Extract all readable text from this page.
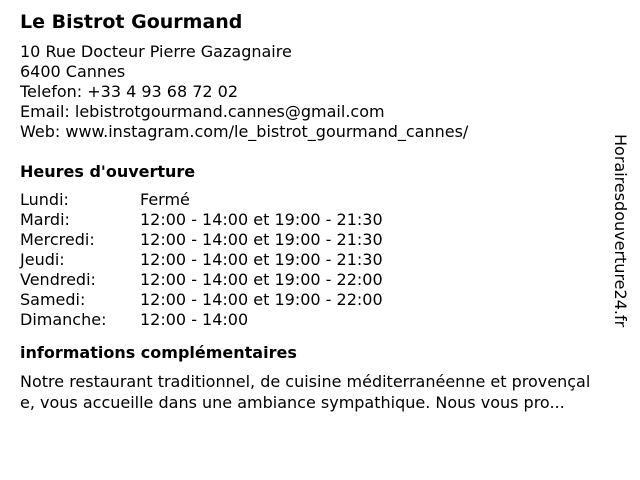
Le Bistrot Gourmand
10 Rue Docteur Pierre Gazagnaire
6400 Cannes
Telefon: +33 4 93 68 72 02
Email: lebistrotgourmand.cannes@gmail.com
Web: www.instagram.com/le_bistrot_gourmand_cannes/
Heures d'ouverture
Lundi:	Fermé
Mardi:	12:00 - 14:00 et 19:00 - 21:30
Mercredi:	12:00 - 14:00 et 19:00 - 21:30
Jeudi:	12:00 - 14:00 et 19:00 - 21:30
Vendredi:	12:00 - 14:00 et 19:00 - 22:00
Samedi:	12:00 - 14:00 et 19:00 - 22:00
Dimanche:	12:00 - 14:00
informations complémentaires
Notre restaurant traditionnel, de cuisine méditerranéenne et provençale, vous accueille dans une ambiance sympathique. Nous vous pro...
Horairesdouverture24.fr
